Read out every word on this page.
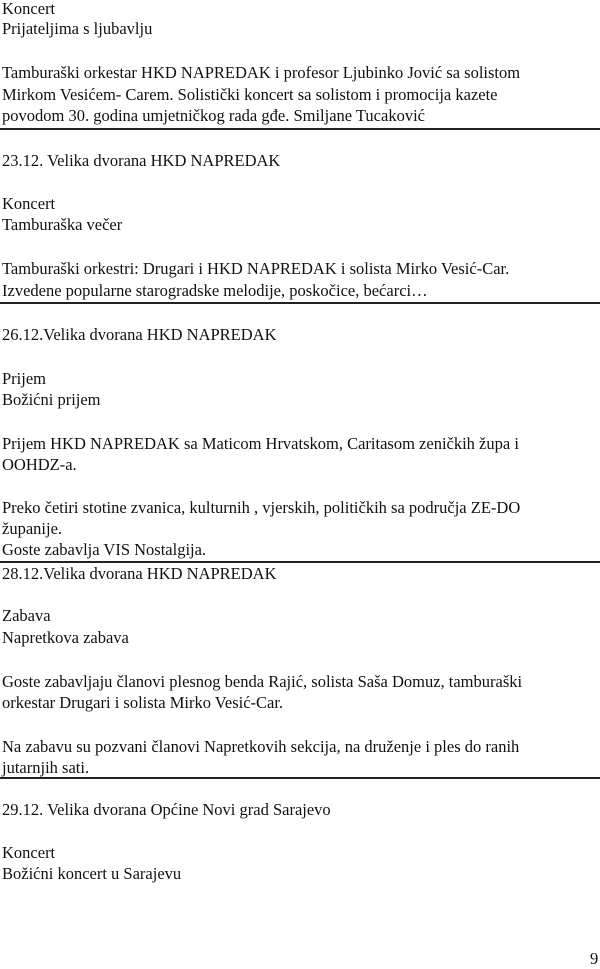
Koncert
Prijateljima s ljubavlju
Tamburaški orkestar HKD NAPREDAK i profesor Ljubinko Jović sa solistom
Mirkom Vesićem- Carem. Solistički koncert sa solistom i promocija kazete
povodom 30. godina umjetničkog rada gđe. Smiljane Tucaković
23.12. Velika dvorana HKD NAPREDAK
Koncert
Tamburaška večer
Tamburaški orkestri: Drugari i HKD NAPREDAK i solista Mirko Vesić-Car.
Izvedene popularne starogradske melodije, poskočice, bećarci…
26.12.Velika dvorana HKD NAPREDAK
Prijem
Božićni prijem
Prijem HKD NAPREDAK sa Maticom Hrvatskom, Caritasom zeničkih župa i
OOHDZ-a.
Preko četiri stotine zvanica, kulturnih , vjerskih, političkih sa područja ZE-DO
županije.
Goste zabavlja VIS Nostalgija.
28.12.Velika dvorana HKD NAPREDAK
Zabava
Napretkova zabava
Goste zabavljaju članovi plesnog benda Rajić, solista Saša Domuz, tamburaški
orkestar Drugari i solista Mirko Vesić-Car.
Na zabavu su pozvani članovi Napretkovih sekcija, na druženje i ples do ranih
jutarnjih sati.
29.12. Velika dvorana Općine Novi grad Sarajevo
Koncert
Božićni koncert u Sarajevu
9
